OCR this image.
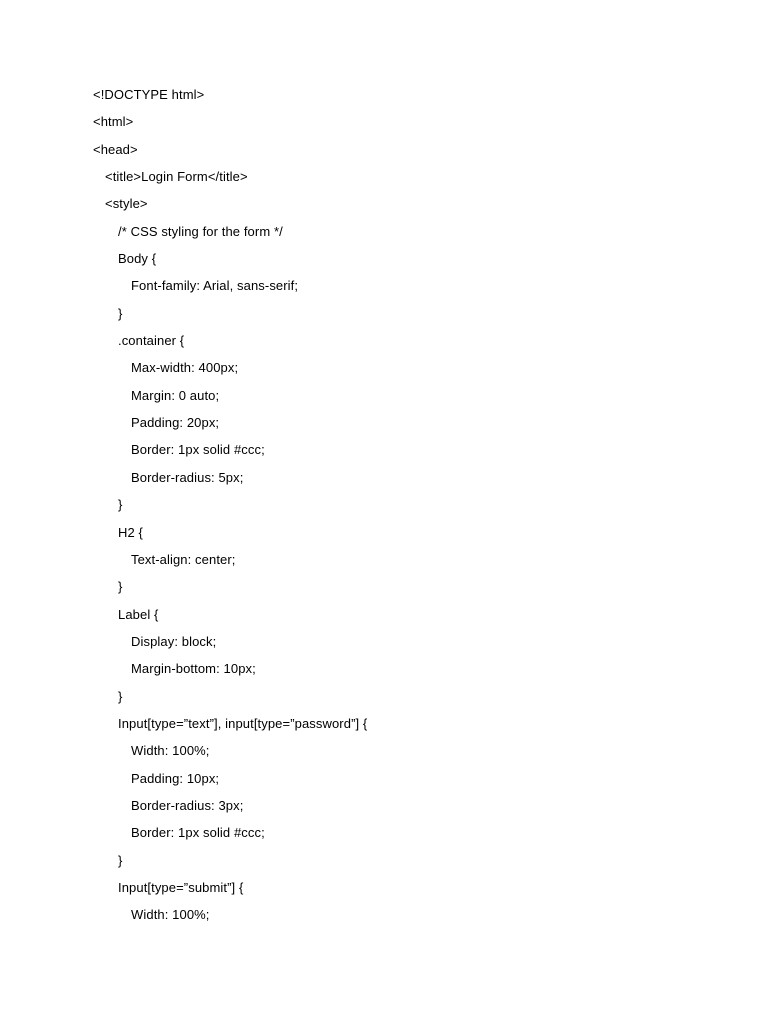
<!DOCTYPE html>
<html>
<head>
<title>Login Form</title>
<style>
/* CSS styling for the form */
Body {
Font-family: Arial, sans-serif;
}
.container {
Max-width: 400px;
Margin: 0 auto;
Padding: 20px;
Border: 1px solid #ccc;
Border-radius: 5px;
}
H2 {
Text-align: center;
}
Label {
Display: block;
Margin-bottom: 10px;
}
Input[type=”text”], input[type=”password”] {
Width: 100%;
Padding: 10px;
Border-radius: 3px;
Border: 1px solid #ccc;
}
Input[type=”submit”] {
Width: 100%;
